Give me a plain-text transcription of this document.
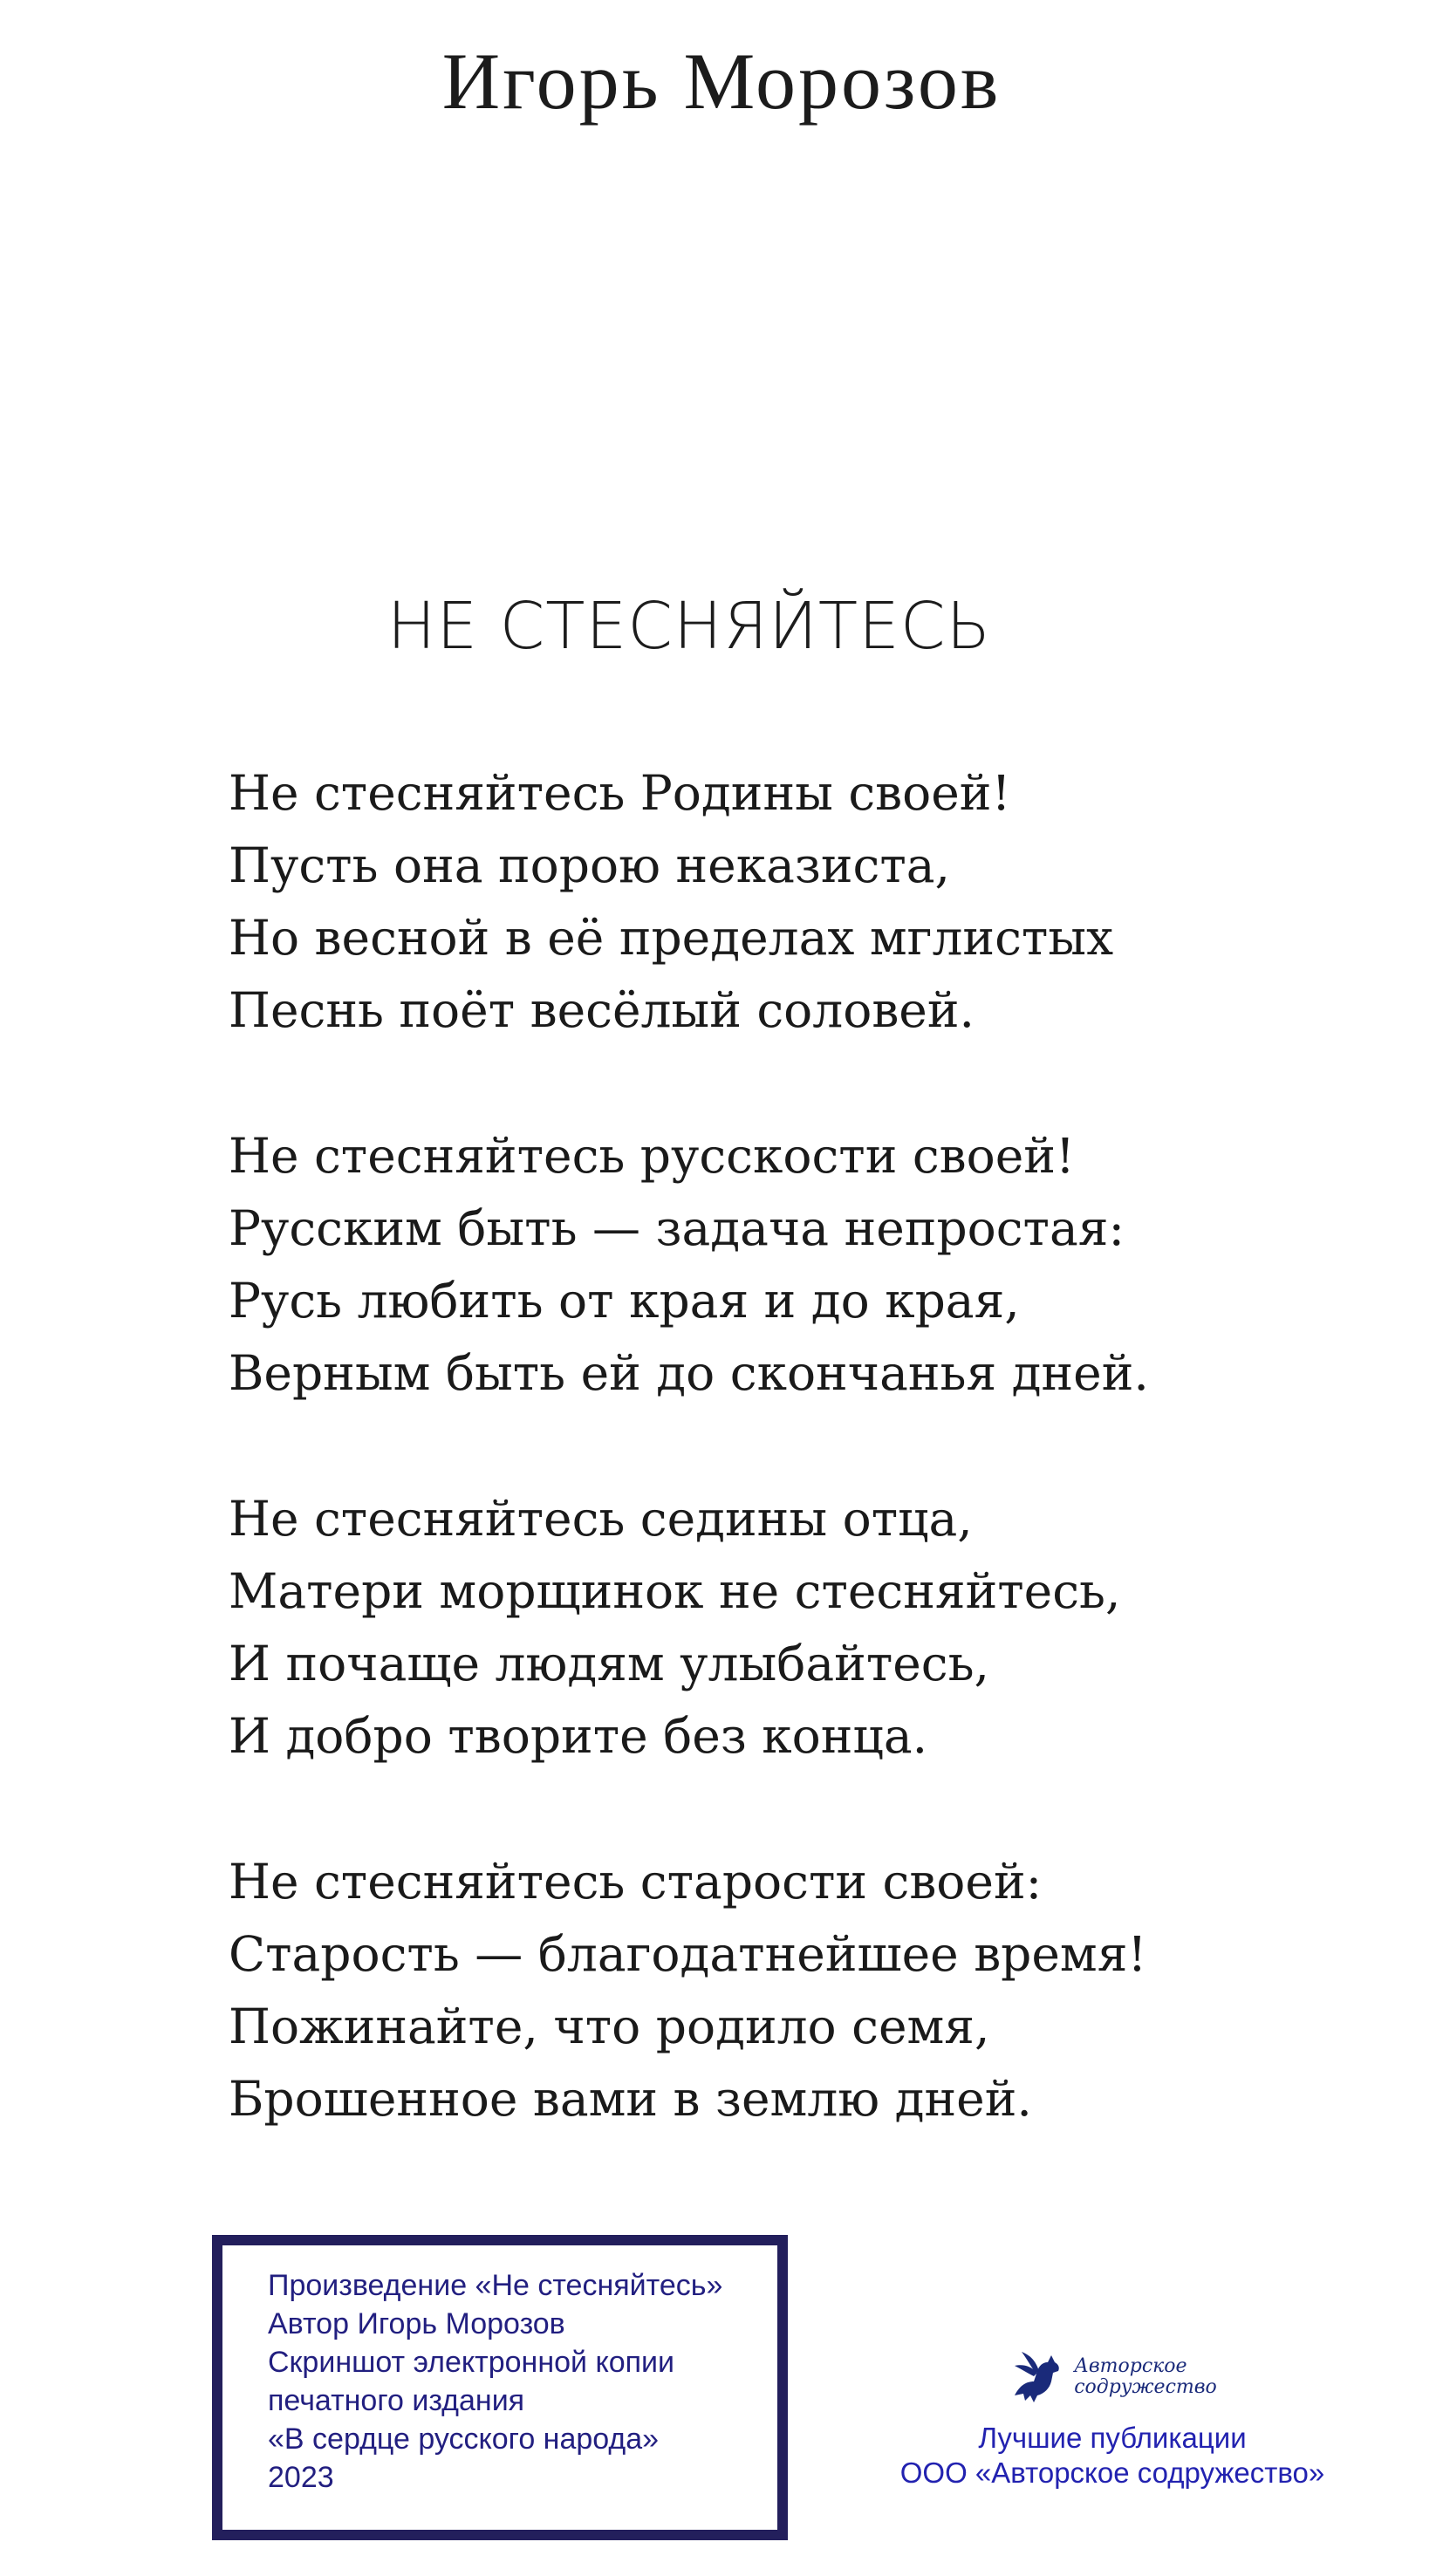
Игорь Морозов
НЕ СТЕСНЯЙТЕСЬ
Не стесняйтесь Родины своей!
Пусть она порою неказиста,
Но весной в её пределах мглистых
Песнь поёт весёлый соловей.
Не стесняйтесь русскости своей!
Русским быть — задача непростая:
Русь любить от края и до края,
Верным быть ей до скончанья дней.
Не стесняйтесь седины отца,
Матери морщинок не стесняйтесь,
И почаще людям улыбайтесь,
И добро творите без конца.
Не стесняйтесь старости своей:
Старость — благодатнейшее время!
Пожинайте, что родило семя,
Брошенное вами в землю дней.
Произведение «Не стесняйтесь»
Автор Игорь Морозов
Скриншот электронной копии
печатного издания
«В сердце русского народа»
2023
Авторское
содружество
Лучшие публикации
ООО «Авторское содружество»
